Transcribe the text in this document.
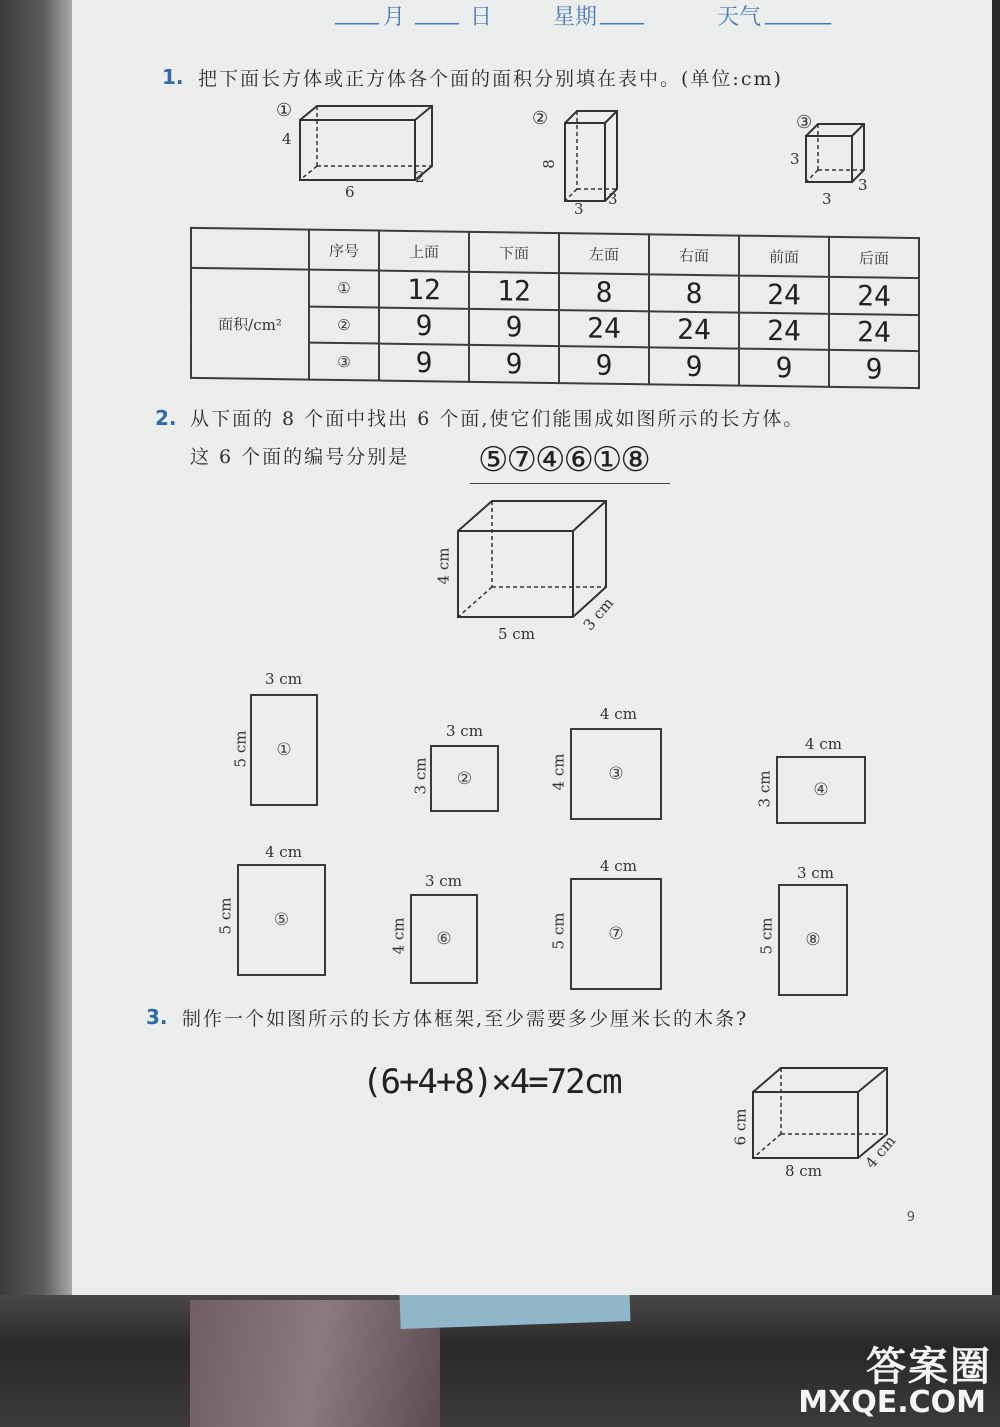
____ 月 ____ 日	星期 ____	天气 ______
1. 把下面长方体或正方体各个面的面积分别填在表中。(单位:cm)
①
4
6
2
②
8
3
3
③
3
3
3
	序号	上面	下面	左面	右面	前面	后面
面积/cm²	①	12	12	8	8	24	24
	②	9	9	24	24	24	24
	③	9	9	9	9	9	9
2. 从下面的 8 个面中找出 6 个面,使它们能围成如图所示的长方体。
这 6 个面的编号分别是 ⑤⑦④⑥①⑧
4 cm
5 cm
3 cm
①
3 cm
5 cm
②
3 cm
3 cm	③
4 cm
4 cm	④
4 cm
3 cm
⑤
4 cm
5 cm
⑥
3 cm
4 cm	⑦
4 cm
5 cm	⑧
3 cm
5 cm
3. 制作一个如图所示的长方体框架,至少需要多少厘米长的木条?
(6+4+8)×4=72cm
6 cm
8 cm	4 cm
9
答案圈
MXQE.COM
